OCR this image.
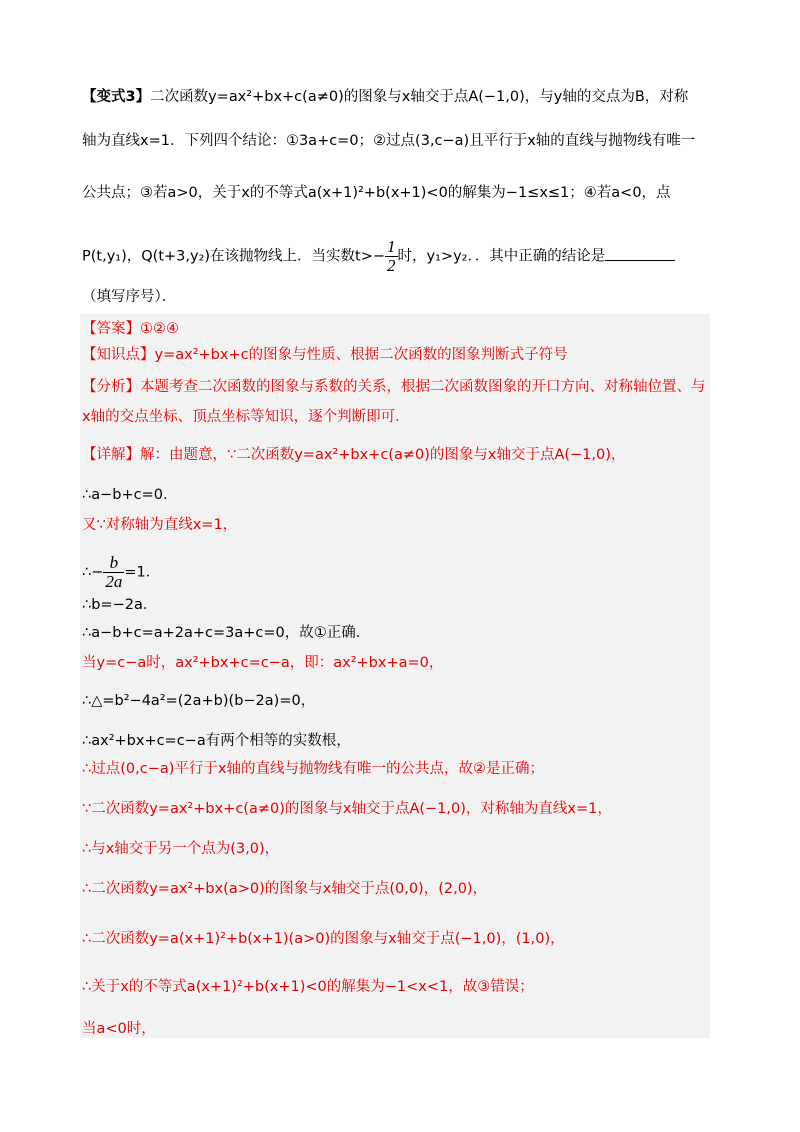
【变式3】二次函数y=ax²+bx+c(a≠0)的图象与x轴交于点A(−1,0)，与y轴的交点为B，对称
轴为直线x=1．下列四个结论：①3a+c=0；②过点(3,c−a)且平行于x轴的直线与抛物线有唯一
公共点；③若a>0，关于x的不等式a(x+1)²+b(x+1)<0的解集为−1≤x≤1；④若a<0，点
P(t,y₁)，Q(t+3,y₂)在该抛物线上．当实数$t>- \frac{1}{2}$ 时，y₁>y₂．．其中正确的结论是
（填写序号）．
【答案】①②④
【知识点】y=ax²+bx+c的图象与性质、根据二次函数的图象判断式子符号
【分析】本题考查二次函数的图象与系数的关系，根据二次函数图象的开口方向、对称轴位置、与
x轴的交点坐标、顶点坐标等知识，逐个判断即可．
【详解】解：由题意，∵二次函数y=ax²+bx+c(a≠0)的图象与x轴交于点A(−1,0)，
∴a−b+c=0．
又∵对称轴为直线x=1，
∴− $\frac{b}{2a} =1$．
∴b=−2a．
∴a−b+c=a+2a+c=3a+c=0，故①正确．
当y=c−a时，ax²+bx+c=c−a，即：ax²+bx+a=0，
∴△=b²−4a²=(2a+b)(b−2a)=0，
∴ax²+bx+c=c−a有两个相等的实数根，
∴过点(0,c−a)平行于x轴的直线与抛物线有唯一的公共点，故②是正确；
∵二次函数y=ax²+bx+c(a≠0)的图象与x轴交于点A(−1,0)，对称轴为直线x=1，
∴与x轴交于另一个点为(3,0)，
∴二次函数y=ax²+bx(a>0)的图象与x轴交于点(0,0)，(2,0)，
∴二次函数y=a(x+1)²+b(x+1)(a>0)的图象与x轴交于点(−1,0)，(1,0)，
∴关于x的不等式a(x+1)²+b(x+1)<0的解集为−1<x<1，故③错误；
当a<0时，
